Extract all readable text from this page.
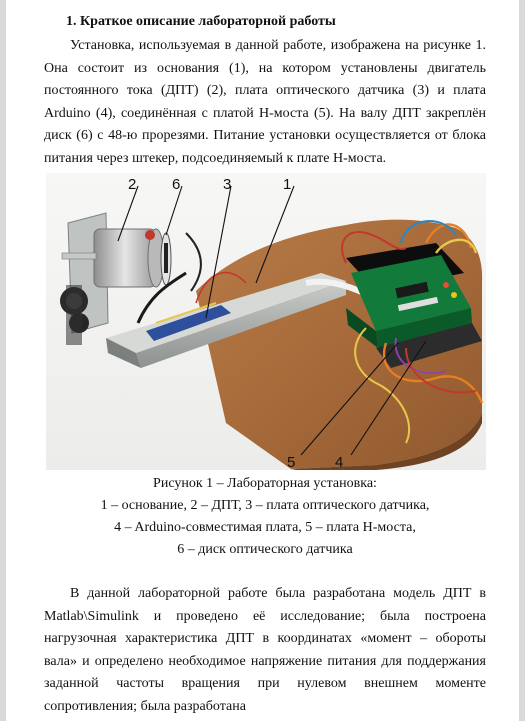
1. Краткое описание лабораторной работы
Установка, используемая в данной работе, изображена на рисунке 1. Она состоит из основания (1), на котором установлены двигатель постоянного тока (ДПТ) (2), плата оптического датчика (3) и плата Arduino (4), соединённая с платой H-моста (5). На валу ДПТ закреплён диск (6) с 48-ю прорезями. Питание установки осуществляется от блока питания через штекер, подсоединяемый к плате H-моста.
2 6	3	1
5	4
Рисунок 1 – Лабораторная установка:
1 – основание, 2 – ДПТ, 3 – плата оптического датчика,
4 – Arduino-совместимая плата, 5 – плата H-моста,
6 – диск оптического датчика
В данной лабораторной работе была разработана модель ДПТ в Matlab\Simulink и проведено её исследование; была построена нагрузочная характеристика ДПТ в координатах «момент – обороты вала» и определено необходимое напряжение питания для поддержания заданной частоты вращения при нулевом внешнем моменте сопротивления; была разработана
